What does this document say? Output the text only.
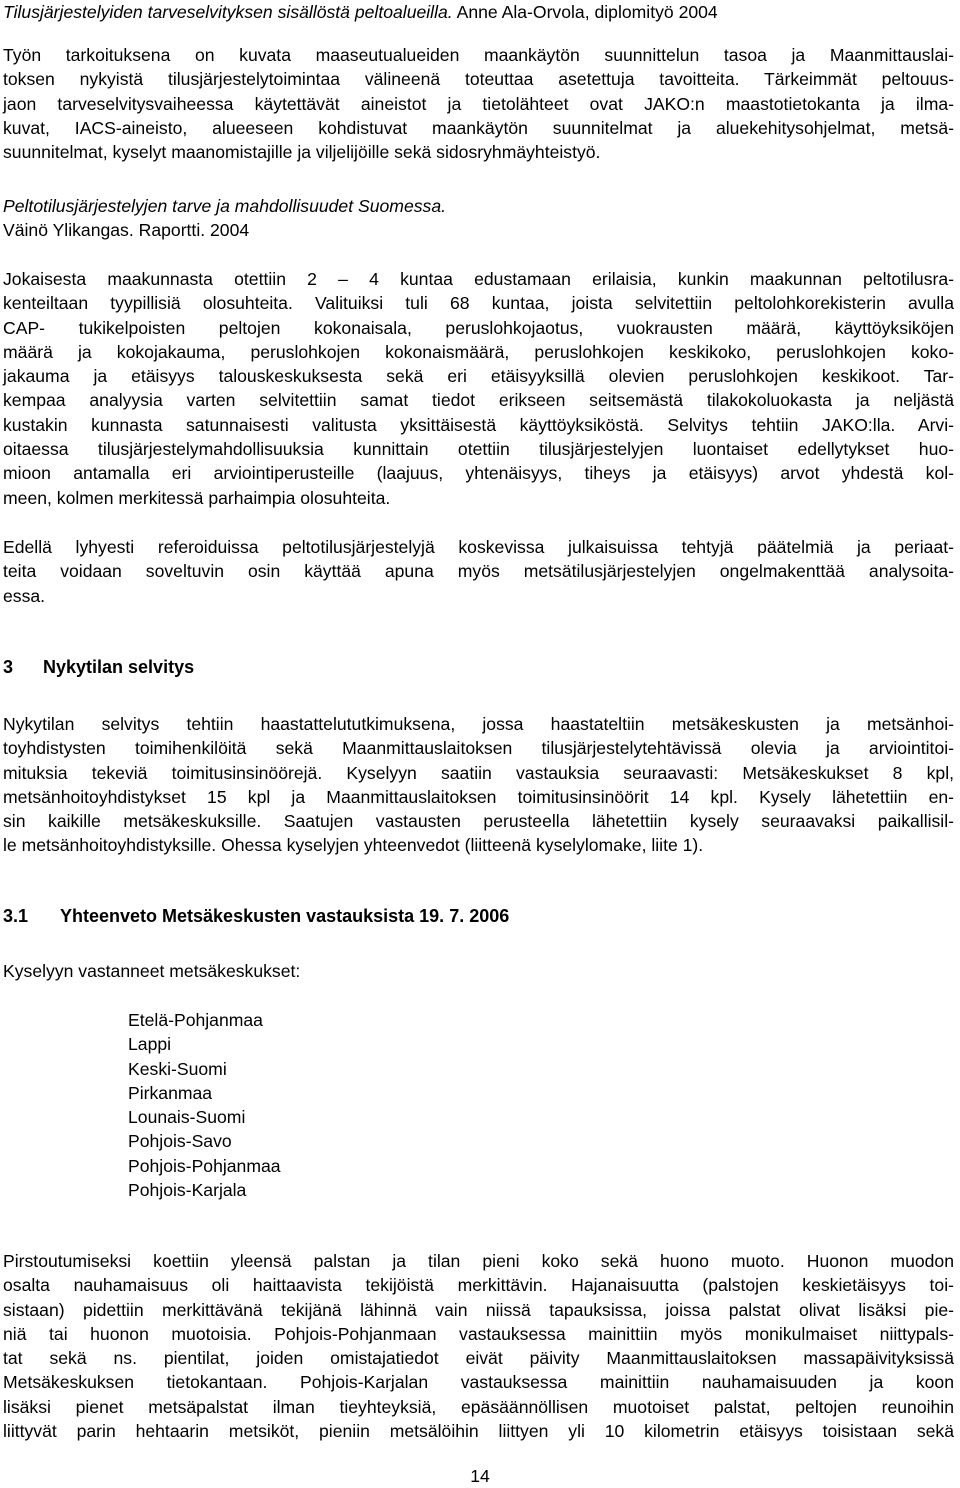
Tilusjärjestelyiden tarveselvityksen sisällöstä peltoalueilla. Anne Ala-Orvola, diplomityö 2004
Työn tarkoituksena on kuvata maaseutualueiden maankäytön suunnittelun tasoa ja Maanmittauslai-
toksen nykyistä tilusjärjestelytoimintaa välineenä toteuttaa asetettuja tavoitteita. Tärkeimmät peltouus-
jaon tarveselvitysvaiheessa käytettävät aineistot ja tietolähteet ovat JAKO:n maastotietokanta ja ilma-
kuvat, IACS-aineisto, alueeseen kohdistuvat maankäytön suunnitelmat ja aluekehitysohjelmat, metsä-
suunnitelmat, kyselyt maanomistajille ja viljelijöille sekä sidosryhmäyhteistyö.
Peltotilusjärjestelyjen tarve ja mahdollisuudet Suomessa.
Väinö Ylikangas. Raportti. 2004
Jokaisesta maakunnasta otettiin 2 – 4 kuntaa edustamaan erilaisia, kunkin maakunnan peltotilusra-
kenteiltaan tyypillisiä olosuhteita. Valituiksi tuli 68 kuntaa, joista selvitettiin peltolohkorekisterin avulla
CAP- tukikelpoisten peltojen kokonaisala, peruslohkojaotus, vuokrausten määrä, käyttöyksiköjen
määrä ja kokojakauma, peruslohkojen kokonaismäärä, peruslohkojen keskikoko, peruslohkojen koko-
jakauma ja etäisyys talouskeskuksesta sekä eri etäisyyksillä olevien peruslohkojen keskikoot. Tar-
kempaa analyysia varten selvitettiin samat tiedot erikseen seitsemästä tilakokoluokasta ja neljästä
kustakin kunnasta satunnaisesti valitusta yksittäisestä käyttöyksiköstä. Selvitys tehtiin JAKO:lla. Arvi-
oitaessa tilusjärjestelymahdollisuuksia kunnittain otettiin tilusjärjestelyjen luontaiset edellytykset huo-
mioon antamalla eri arviointiperusteille (laajuus, yhtenäisyys, tiheys ja etäisyys) arvot yhdestä kol-
meen, kolmen merkitessä parhaimpia olosuhteita.
Edellä lyhyesti referoiduissa peltotilusjärjestelyjä koskevissa julkaisuissa tehtyjä päätelmiä ja periaat-
teita voidaan soveltuvin osin käyttää apuna myös metsätilusjärjestelyjen ongelmakenttää analysoita-
essa.
3 Nykytilan selvitys
Nykytilan selvitys tehtiin haastattelututkimuksena, jossa haastateltiin metsäkeskusten ja metsänhoi-
toyhdistysten toimihenkilöitä sekä Maanmittauslaitoksen tilusjärjestelytehtävissä olevia ja arviointitoi-
mituksia tekeviä toimitusinsinöörejä. Kyselyyn saatiin vastauksia seuraavasti: Metsäkeskukset 8 kpl,
metsänhoitoyhdistykset 15 kpl ja Maanmittauslaitoksen toimitusinsinöörit 14 kpl. Kysely lähetettiin en-
sin kaikille metsäkeskuksille. Saatujen vastausten perusteella lähetettiin kysely seuraavaksi paikallisil-
le metsänhoitoyhdistyksille. Ohessa kyselyjen yhteenvedot (liitteenä kyselylomake, liite 1).
3.1 Yhteenveto Metsäkeskusten vastauksista 19. 7. 2006
Kyselyyn vastanneet metsäkeskukset:
Etelä-Pohjanmaa
Lappi
Keski-Suomi
Pirkanmaa
Lounais-Suomi
Pohjois-Savo
Pohjois-Pohjanmaa
Pohjois-Karjala
Pirstoutumiseksi koettiin yleensä palstan ja tilan pieni koko sekä huono muoto. Huonon muodon
osalta nauhamaisuus oli haittaavista tekijöistä merkittävin. Hajanaisuutta (palstojen keskietäisyys toi-
sistaan) pidettiin merkittävänä tekijänä lähinnä vain niissä tapauksissa, joissa palstat olivat lisäksi pie-
niä tai huonon muotoisia. Pohjois-Pohjanmaan vastauksessa mainittiin myös monikulmaiset niittypals-
tat sekä ns. pientilat, joiden omistajatiedot eivät päivity Maanmittauslaitoksen massapäivityksissä
Metsäkeskuksen tietokantaan. Pohjois-Karjalan vastauksessa mainittiin nauhamaisuuden ja koon
lisäksi pienet metsäpalstat ilman tieyhteyksiä, epäsäännöllisen muotoiset palstat, peltojen reunoihin
liittyvät parin hehtaarin metsiköt, pieniin metsälöihin liittyen yli 10 kilometrin etäisyys toisistaan sekä
14
